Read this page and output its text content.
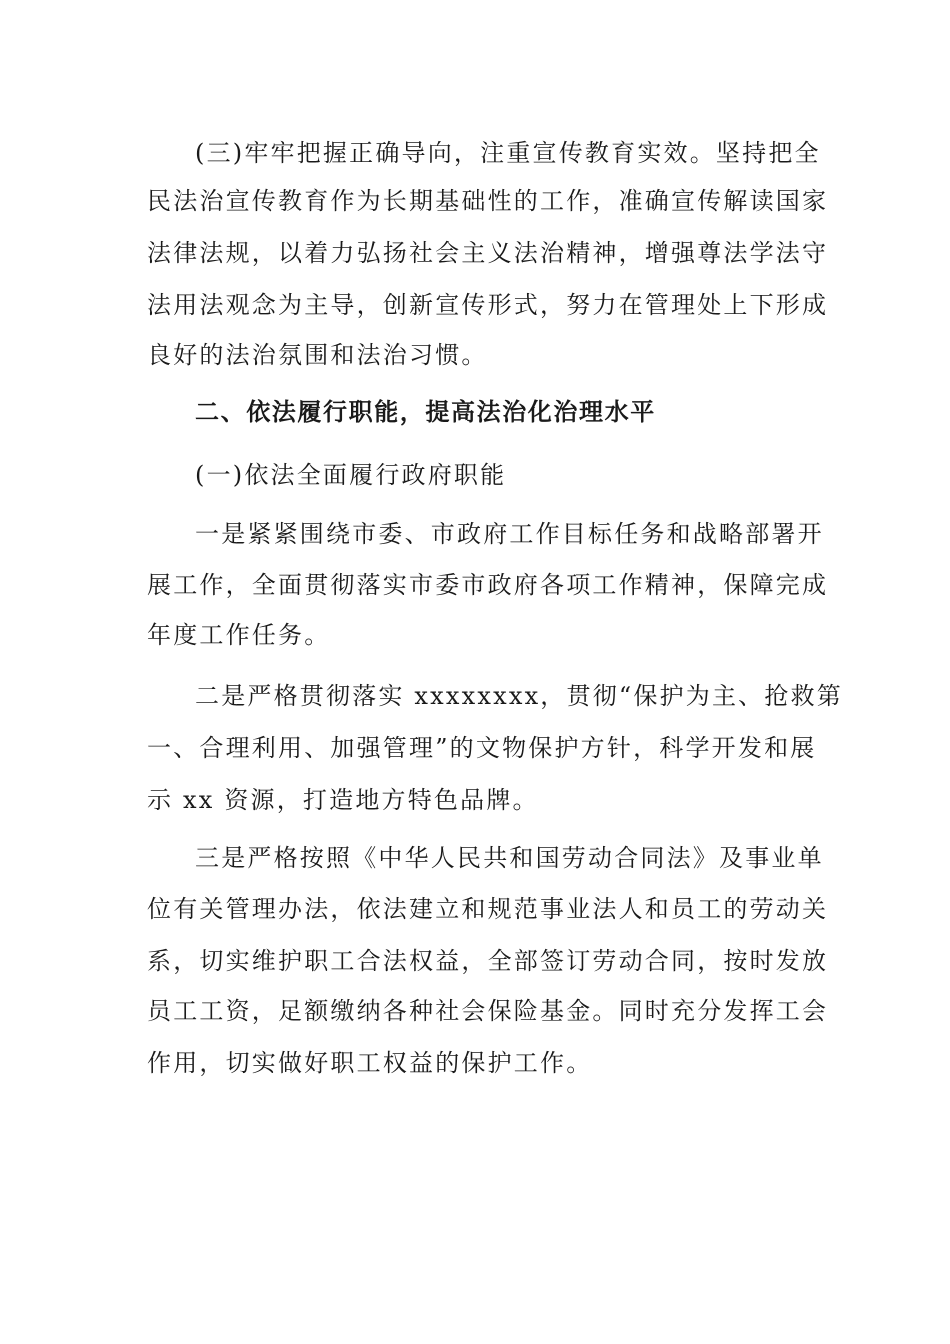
(三)牢牢把握正确导向，注重宣传教育实效。坚持把全
民法治宣传教育作为长期基础性的工作，准确宣传解读国家
法律法规，以着力弘扬社会主义法治精神，增强尊法学法守
法用法观念为主导，创新宣传形式，努力在管理处上下形成
良好的法治氛围和法治习惯。
二、依法履行职能，提高法治化治理水平
(一)依法全面履行政府职能
一是紧紧围绕市委、市政府工作目标任务和战略部署开
展工作，全面贯彻落实市委市政府各项工作精神，保障完成
年度工作任务。
二是严格贯彻落实 xxxxxxxx，贯彻“保护为主、抢救第
一、合理利用、加强管理”的文物保护方针，科学开发和展
示 xx 资源，打造地方特色品牌。
三是严格按照《中华人民共和国劳动合同法》及事业单
位有关管理办法，依法建立和规范事业法人和员工的劳动关
系，切实维护职工合法权益，全部签订劳动合同，按时发放
员工工资，足额缴纳各种社会保险基金。同时充分发挥工会
作用，切实做好职工权益的保护工作。
